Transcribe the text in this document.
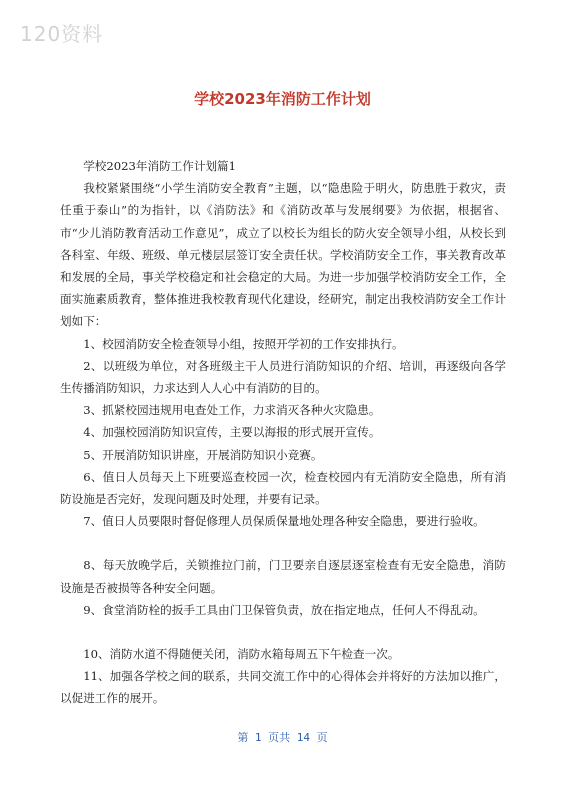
120资料
学校2023年消防工作计划

学校2023年消防工作计划篇1

我校紧紧围绕“小学生消防安全教育”主题，以“隐患险于明火，防患胜于救灾，责任重于泰山”的为指针，以《消防法》和《消防改革与发展纲要》为依据，根据省、市“少儿消防教育活动工作意见”，成立了以校长为组长的防火安全领导小组，从校长到各科室、年级、班级、单元楼层层签订安全责任状。学校消防安全工作，事关教育改革和发展的全局，事关学校稳定和社会稳定的大局。为进一步加强学校消防安全工作，全面实施素质教育，整体推进我校教育现代化建设，经研究，制定出我校消防安全工作计划如下：

1、校园消防安全检查领导小组，按照开学初的工作安排执行。

2、以班级为单位，对各班级主干人员进行消防知识的介绍、培训，再逐级向各学生传播消防知识，力求达到人人心中有消防的目的。

3、抓紧校园违规用电查处工作，力求消灭各种火灾隐患。

4、加强校园消防知识宣传，主要以海报的形式展开宣传。

5、开展消防知识讲座，开展消防知识小竞赛。

6、值日人员每天上下班要巡查校园一次，检查校园内有无消防安全隐患，所有消防设施是否完好，发现问题及时处理，并要有记录。

7、值日人员要限时督促修理人员保质保量地处理各种安全隐患，要进行验收。

8、每天放晚学后，关锁推拉门前，门卫要亲自逐层逐室检查有无安全隐患，消防设施是否被损等各种安全问题。

9、食堂消防栓的扳手工具由门卫保管负责，放在指定地点，任何人不得乱动。

10、消防水道不得随便关闭，消防水箱每周五下午检查一次。

11、加强各学校之间的联系，共同交流工作中的心得体会并将好的方法加以推广，以促进工作的展开。

第 1 页共 14 页
